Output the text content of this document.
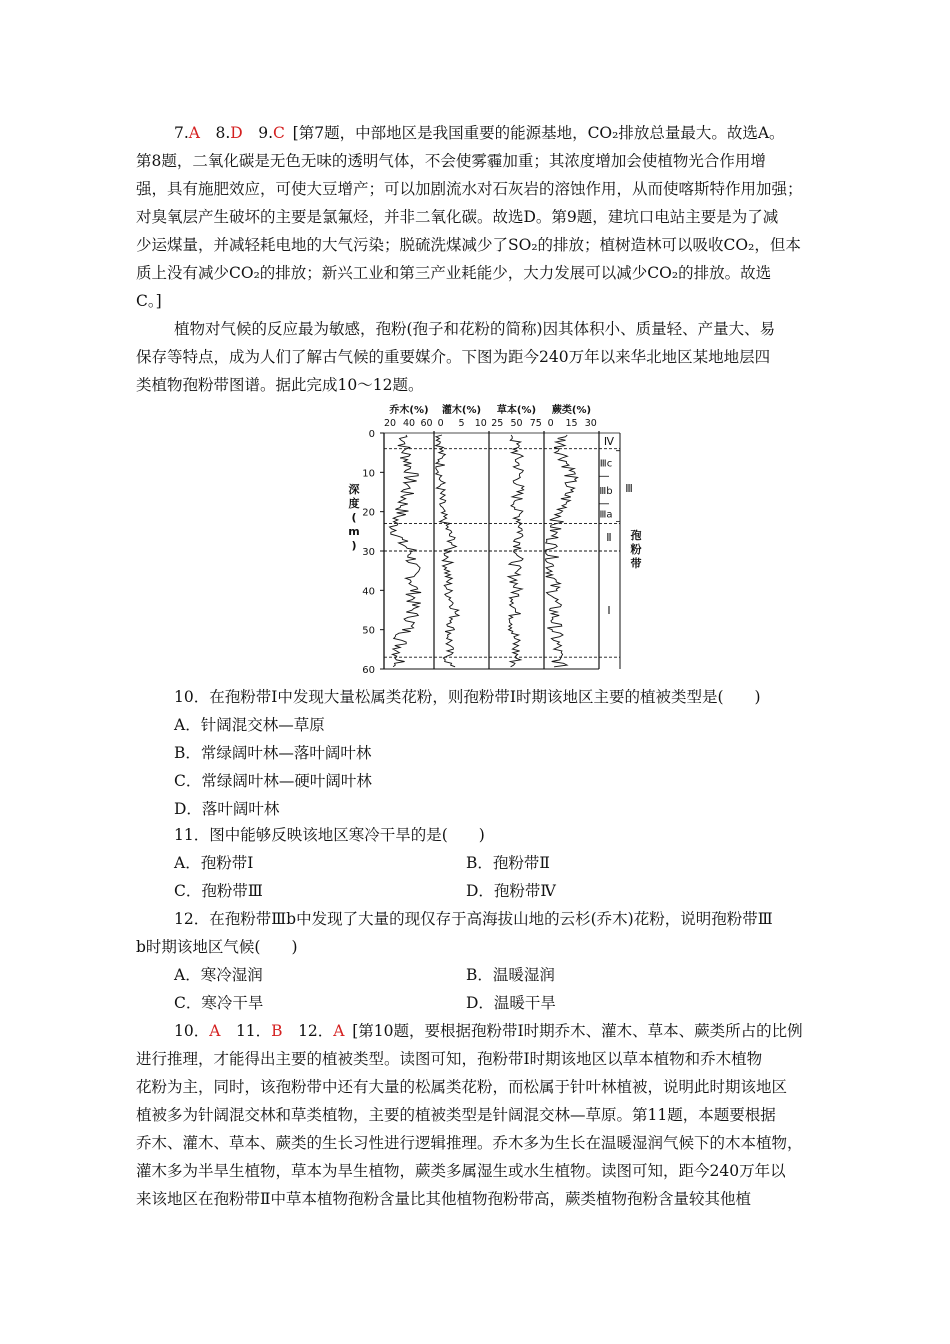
7.A  8.D  9.C  [第7题，中部地区是我国重要的能源基地，CO₂排放总量最大。故选A。
第8题，二氧化碳是无色无味的透明气体，不会使雾霾加重；其浓度增加会使植物光合作用增
强，具有施肥效应，可使大豆增产；可以加剧流水对石灰岩的溶蚀作用，从而使喀斯特作用加强；
对臭氧层产生破坏的主要是氯氟烃，并非二氧化碳。故选D。第9题，建坑口电站主要是为了减
少运煤量，并减轻耗电地的大气污染；脱硫洗煤减少了SO₂的排放；植树造林可以吸收CO₂，但本
质上没有减少CO₂的排放；新兴工业和第三产业耗能少，大力发展可以减少CO₂的排放。故选
C。]
植物对气候的反应最为敏感，孢粉(孢子和花粉的简称)因其体积小、质量轻、产量大、易
保存等特点，成为人们了解古气候的重要媒介。下图为距今240万年以来华北地区某地地层四
类植物孢粉带图谱。据此完成10～12题。
0
10
20
30
40
50
60
深
度
(
m
)
乔木(%)
20 40 60
灌木(%)
0 5 10
草本(%)
25 50 75
蕨类(%)
0 15 30
Ⅳ
Ⅲc
Ⅲb
Ⅲa
Ⅲ
Ⅱ
Ⅰ
孢
粉
带
10．在孢粉带Ⅰ中发现大量松属类花粉，则孢粉带Ⅰ时期该地区主要的植被类型是(　　)
A．针阔混交林—草原
B．常绿阔叶林—落叶阔叶林
C．常绿阔叶林—硬叶阔叶林
D．落叶阔叶林
11．图中能够反映该地区寒冷干旱的是(　　)
A．孢粉带Ⅰ	B．孢粉带Ⅱ
C．孢粉带Ⅲ	D．孢粉带Ⅳ
12．在孢粉带Ⅲb中发现了大量的现仅存于高海拔山地的云杉(乔木)花粉，说明孢粉带Ⅲ
b时期该地区气候(　　)
A．寒冷湿润	B．温暖湿润
C．寒冷干旱	D．温暖干旱
10．A  11．B  12．A  [第10题，要根据孢粉带Ⅰ时期乔木、灌木、草本、蕨类所占的比例
进行推理，才能得出主要的植被类型。读图可知，孢粉带Ⅰ时期该地区以草本植物和乔木植物
花粉为主，同时，该孢粉带中还有大量的松属类花粉，而松属于针叶林植被，说明此时期该地区
植被多为针阔混交林和草类植物，主要的植被类型是针阔混交林—草原。第11题，本题要根据
乔木、灌木、草本、蕨类的生长习性进行逻辑推理。乔木多为生长在温暖湿润气候下的木本植物，
灌木多为半旱生植物，草本为旱生植物，蕨类多属湿生或水生植物。读图可知，距今240万年以
来该地区在孢粉带Ⅱ中草本植物孢粉含量比其他植物孢粉带高，蕨类植物孢粉含量较其他植
